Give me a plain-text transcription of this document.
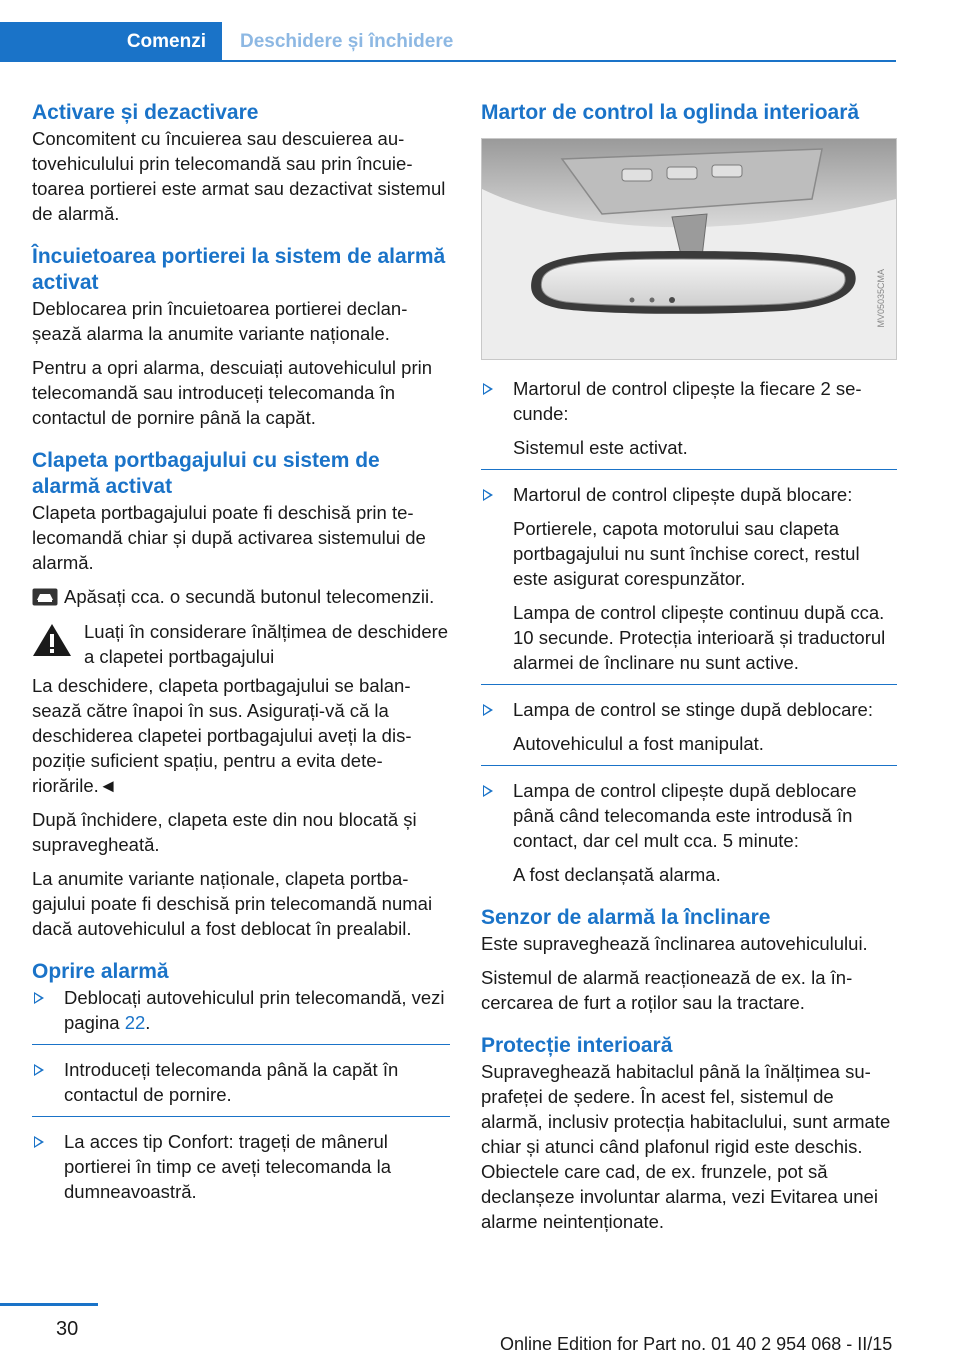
Comenzi	Deschidere și închidere
Activare și dezactivare

Concomitent cu încuierea sau descuierea autovehiculului prin telecomandă sau prin încuietoarea portierei este armat sau dezactivat sistemul de alarmă.

Încuietoarea portierei la sistem de alarmă activat

Deblocarea prin încuietoarea portierei declanșează alarma la anumite variante naționale.

Pentru a opri alarma, descuiați autovehiculul prin telecomandă sau introduceți telecomanda în contactul de pornire până la capăt.

Clapeta portbagajului cu sistem de alarmă activat

Clapeta portbagajului poate fi deschisă prin telecomandă chiar și după activarea sistemului de alarmă.

Apăsați cca. o secundă butonul telecomenzii.

Luați în considerare înălțimea de deschidere a clapetei portbagajului

La deschidere, clapeta portbagajului se balansează către înapoi în sus. Asigurați-vă că la deschiderea clapetei portbagajului aveți la dispoziție suficient spațiu, pentru a evita deteriorările.◄

După închidere, clapeta este din nou blocată și supravegheată.

La anumite variante naționale, clapeta portbagajului poate fi deschisă prin telecomandă numai dacă autovehiculul a fost deblocat în prealabil.

Oprire alarmă

Deblocați autovehiculul prin telecomandă, vezi pagina 22.

Introduceți telecomanda până la capăt în contactul de pornire.

La acces tip Confort: trageți de mânerul portierei în timp ce aveți telecomanda la dumneavoastră.

Martor de control la oglinda interioară
MV05035CMA

Martorul de control clipește la fiecare 2 secunde:

Sistemul este activat.

Martorul de control clipește după blocare:

Portierele, capota motorului sau clapeta portbagajului nu sunt închise corect, restul este asigurat corespunzător.

Lampa de control clipește continuu după cca. 10 secunde. Protecția interioară și traductorul alarmei de înclinare nu sunt active.

Lampa de control se stinge după deblocare:

Autovehiculul a fost manipulat.

Lampa de control clipește după deblocare până când telecomanda este introdusă în contact, dar cel mult cca. 5 minute:

A fost declanșată alarma.

Senzor de alarmă la înclinare

Este supraveghează înclinarea autovehiculului.

Sistemul de alarmă reacționează de ex. la încercarea de furt a roților sau la tractare.

Protecție interioară

Supraveghează habitaclul până la înălțimea suprafeței de ședere. În acest fel, sistemul de alarmă, inclusiv protecția habitaclului, sunt armate chiar și atunci când plafonul rigid este deschis. Obiectele care cad, de ex. frunzele, pot să declanșeze involuntar alarma, vezi Evitarea unei alarme neintenționate.

30
Online Edition for Part no. 01 40 2 954 068 - II/15
